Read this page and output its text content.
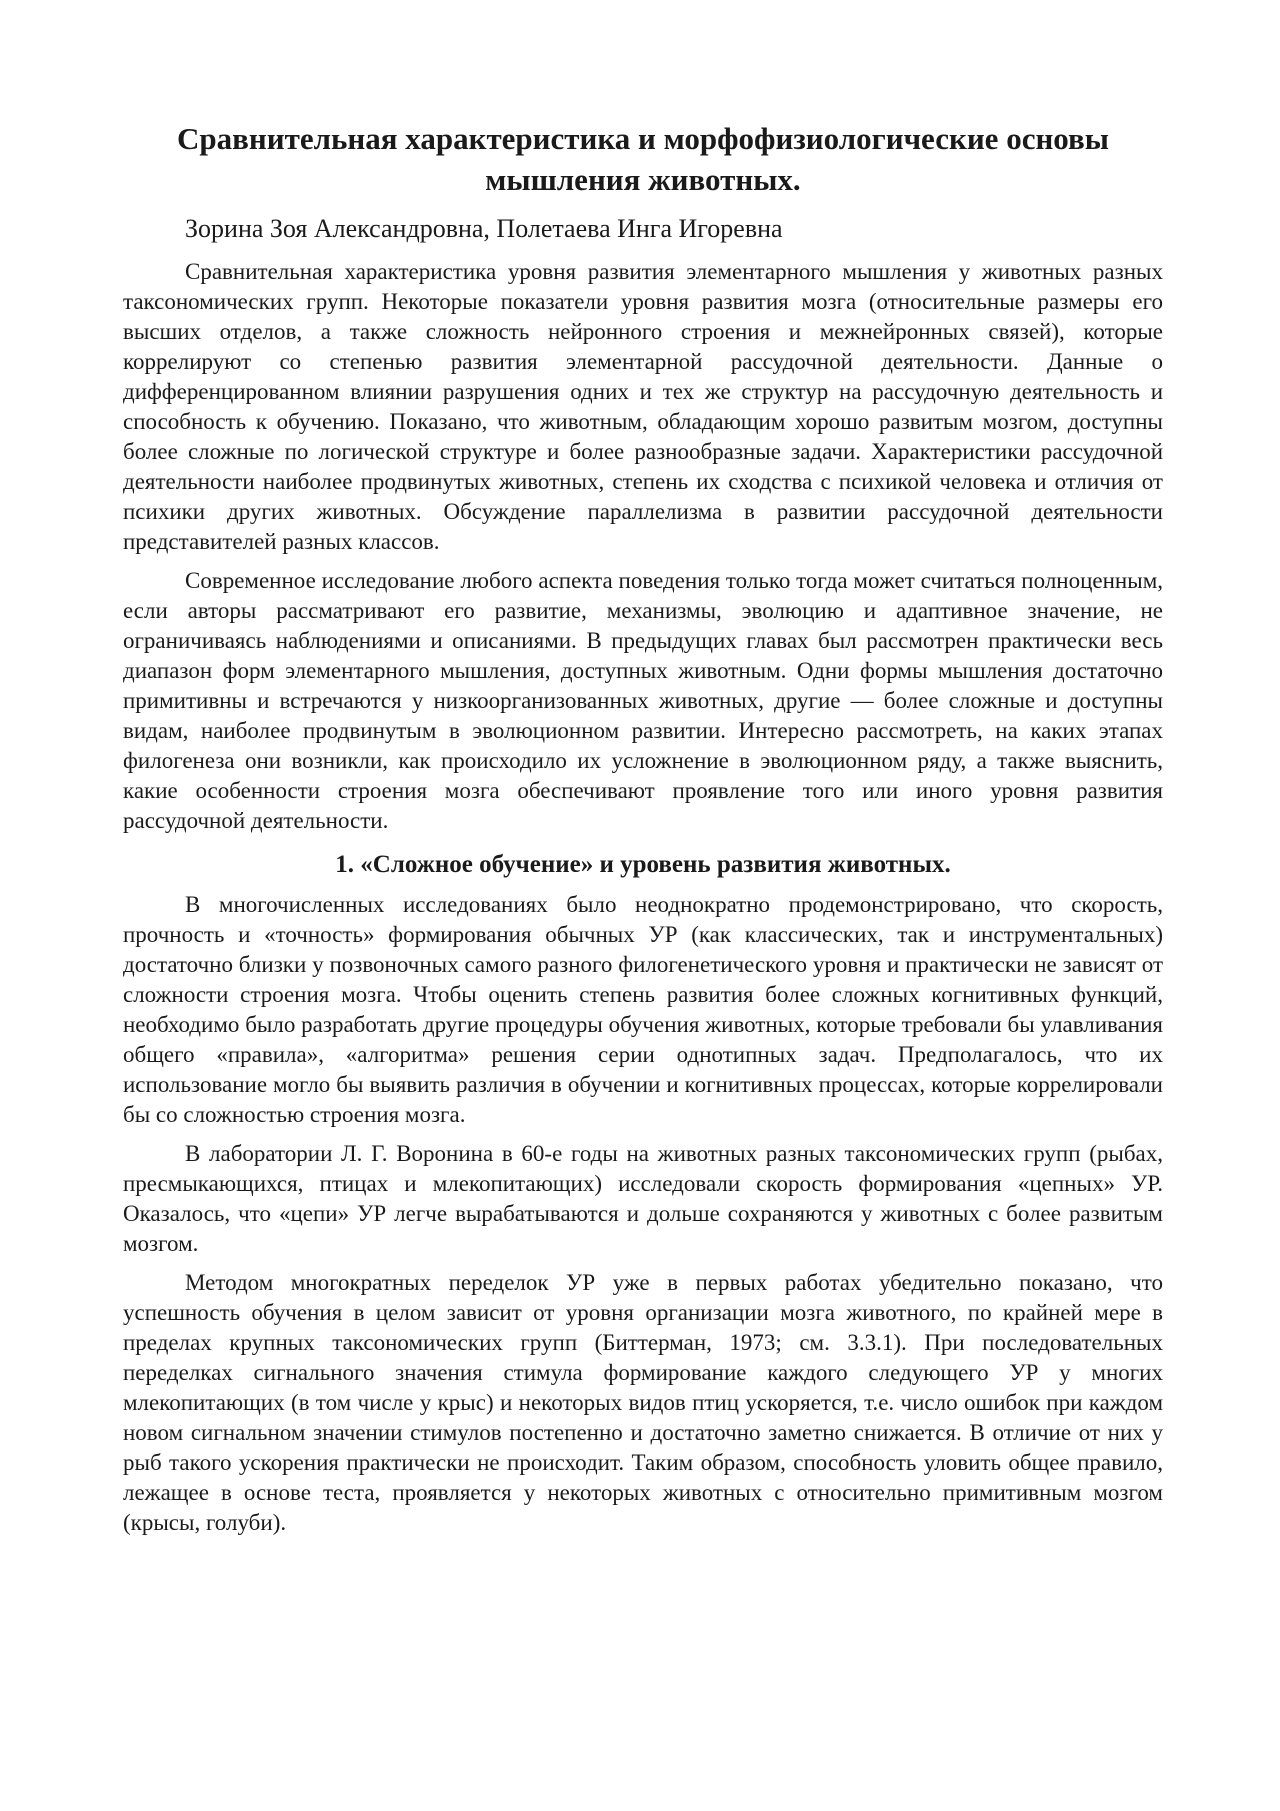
Сравнительная характеристика и морфофизиологические основы мышления животных.
Зорина Зоя Александровна, Полетаева Инга Игоревна

Сравнительная характеристика уровня развития элементарного мышления у животных разных таксономических групп. Некоторые показатели уровня развития мозга (относительные размеры его высших отделов, а также сложность нейронного строения и межнейронных связей), которые коррелируют со степенью развития элементарной рассудочной деятельности. Данные о дифференцированном влиянии разрушения одних и тех же структур на рассудочную деятельность и способность к обучению. Показано, что животным, обладающим хорошо развитым мозгом, доступны более сложные по логической структуре и более разнообразные задачи. Характеристики рассудочной деятельности наиболее продвинутых животных, степень их сходства с психикой человека и отличия от психики других животных. Обсуждение параллелизма в развитии рассудочной деятельности представителей разных классов.

Современное исследование любого аспекта поведения только тогда может считаться полноценным, если авторы рассматривают его развитие, механизмы, эволюцию и адаптивное значение, не ограничиваясь наблюдениями и описаниями. В предыдущих главах был рассмотрен практически весь диапазон форм элементарного мышления, доступных животным. Одни формы мышления достаточно примитивны и встречаются у низкоорганизованных животных, другие — более сложные и доступны видам, наиболее продвинутым в эволюционном развитии. Интересно рассмотреть, на каких этапах филогенеза они возникли, как происходило их усложнение в эволюционном ряду, а также выяснить, какие особенности строения мозга обеспечивают проявление того или иного уровня развития рассудочной деятельности.

1. «Сложное обучение» и уровень развития животных.

В многочисленных исследованиях было неоднократно продемонстрировано, что скорость, прочность и «точность» формирования обычных УР (как классических, так и инструментальных) достаточно близки у позвоночных самого разного филогенетического уровня и практически не зависят от сложности строения мозга. Чтобы оценить степень развития более сложных когнитивных функций, необходимо было разработать другие процедуры обучения животных, которые требовали бы улавливания общего «правила», «алгоритма» решения серии однотипных задач. Предполагалось, что их использование могло бы выявить различия в обучении и когнитивных процессах, которые коррелировали бы со сложностью строения мозга.

В лаборатории Л. Г. Воронина в 60-е годы на животных разных таксономических групп (рыбах, пресмыкающихся, птицах и млекопитающих) исследовали скорость формирования «цепных» УР. Оказалось, что «цепи» УР легче вырабатываются и дольше сохраняются у животных с более развитым мозгом.

Методом многократных переделок УР уже в первых работах убедительно показано, что успешность обучения в целом зависит от уровня организации мозга животного, по крайней мере в пределах крупных таксономических групп (Биттерман, 1973; см. 3.3.1). При последовательных переделках сигнального значения стимула формирование каждого следующего УР у многих млекопитающих (в том числе у крыс) и некоторых видов птиц ускоряется, т.е. число ошибок при каждом новом сигнальном значении стимулов постепенно и достаточно заметно снижается. В отличие от них у рыб такого ускорения практически не происходит. Таким образом, способность уловить общее правило, лежащее в основе теста, проявляется у некоторых животных с относительно примитивным мозгом (крысы, голуби).
